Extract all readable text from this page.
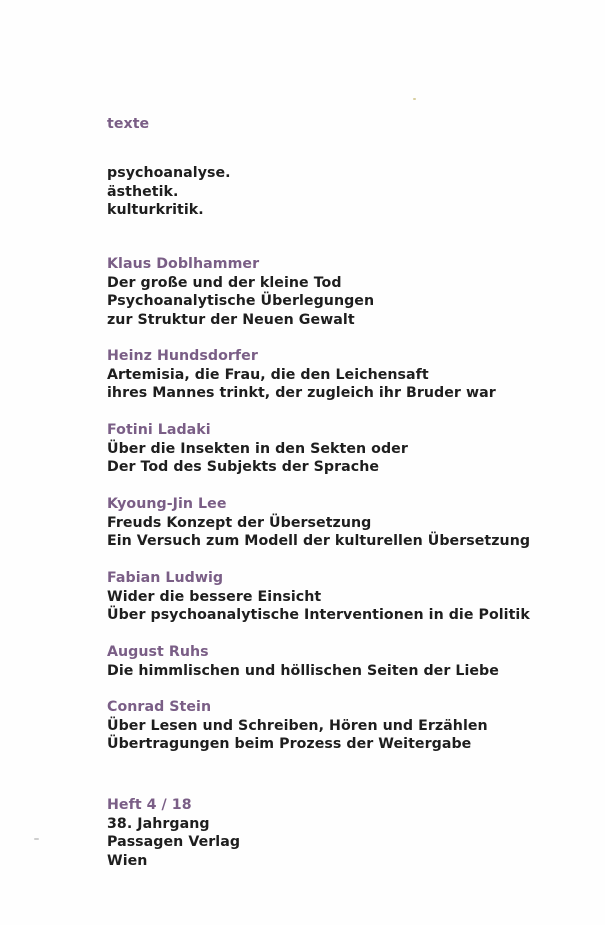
texte
psychoanalyse.
ästhetik.
kulturkritik.
Klaus Doblhammer
Der große und der kleine Tod
Psychoanalytische Überlegungen
zur Struktur der Neuen Gewalt
Heinz Hundsdorfer
Artemisia, die Frau, die den Leichensaft
ihres Mannes trinkt, der zugleich ihr Bruder war
Fotini Ladaki
Über die Insekten in den Sekten oder
Der Tod des Subjekts der Sprache
Kyoung-Jin Lee
Freuds Konzept der Übersetzung
Ein Versuch zum Modell der kulturellen Übersetzung
Fabian Ludwig
Wider die bessere Einsicht
Über psychoanalytische Interventionen in die Politik
August Ruhs
Die himmlischen und höllischen Seiten der Liebe
Conrad Stein
Über Lesen und Schreiben, Hören und Erzählen
Übertragungen beim Prozess der Weitergabe
Heft 4 / 18
38. Jahrgang
Passagen Verlag
Wien
